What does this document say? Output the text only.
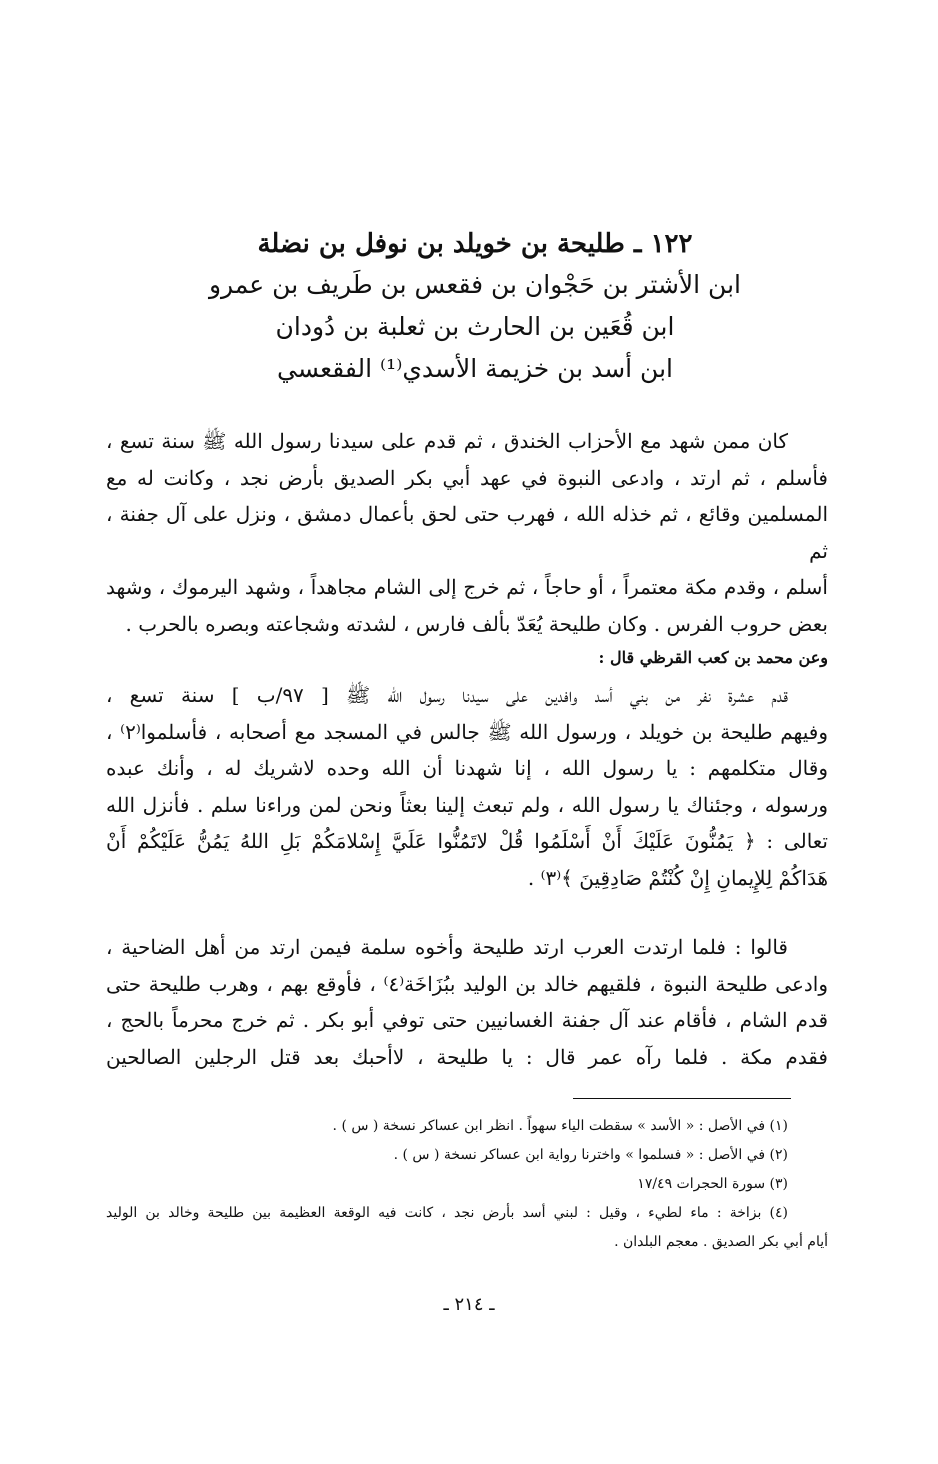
١٢٢ ـ طليحة بن خويلد بن نوفل بن نضلة
ابن الأشتر بن حَجْوان بن فقعس بن طَريف بن عمرو
ابن قُعَين بن الحارث بن ثعلبة بن دُودان
ابن أسد بن خزيمة الأسدي⁽¹⁾ الفقعسي

كان ممن شهد مع الأحزاب الخندق ، ثم قدم على سيدنا رسول الله ﷺ سنة تسع ،

فأسلم ، ثم ارتد ، وادعى النبوة في عهد أبي بكر الصديق بأرض نجد ، وكانت له مع

المسلمين وقائع ، ثم خذله الله ، فهرب حتى لحق بأعمال دمشق ، ونزل على آل جفنة ، ثم

أسلم ، وقدم مكة معتمراً ، أو حاجاً ، ثم خرج إلى الشام مجاهداً ، وشهد اليرموك ، وشهد

بعض حروب الفرس . وكان طليحة يُعَدّ بألف فارس ، لشدته وشجاعته وبصره بالحرب .

وعن محمد بن كعب القرظي قال :

قدم عشرة نفر من بني أسد وافدين على سيدنا رسول الله ﷺ [ ٩٧/ب ] سنة تسع ،

وفيهم طليحة بن خويلد ، ورسول الله ﷺ جالس في المسجد مع أصحابه ، فأسلموا⁽٢⁾ ،

وقال متكلمهم : يا رسول الله ، إنا شهدنا أن الله وحده لاشريك له ، وأنك عبده

ورسوله ، وجئناك يا رسول الله ، ولم تبعث إلينا بعثاً ونحن لمن وراءنا سلم . فأنزل الله

تعالى : ﴿ يَمُنُّونَ عَلَيْكَ أَنْ أَسْلَمُوا قُلْ لاتَمُنُّوا عَلَيَّ إِسْلامَكُمْ بَلِ اللهُ يَمُنُّ عَلَيْكُمْ أَنْ

هَدَاكُمْ لِلإِيمانِ إِنْ كُنْتُمْ صَادِقِينَ ﴾⁽٣⁾ .

قالوا : فلما ارتدت العرب ارتد طليحة وأخوه سلمة فيمن ارتد من أهل الضاحية ،

وادعى طليحة النبوة ، فلقيهم خالد بن الوليد ببُزَاخَة⁽٤⁾ ، فأوقع بهم ، وهرب طليحة حتى

قدم الشام ، فأقام عند آل جفنة الغسانيين حتى توفي أبو بكر . ثم خرج محرماً بالحج ،

فقدم مكة . فلما رآه عمر قال : يا طليحة ، لاأحبك بعد قتل الرجلين الصالحين

(١) في الأصل : « الأسد » سقطت الياء سهواً . انظر ابن عساكر نسخة ( س ) .

(٢) في الأصل : « فسلموا » واخترنا رواية ابن عساكر نسخة ( س ) .

(٣) سورة الحجرات ١٧/٤٩

(٤) بزاخة : ماء لطيء ، وقيل : لبني أسد بأرض نجد ، كانت فيه الوقعة العظيمة بين طليحة وخالد بن الوليد

أيام أبي بكر الصديق . معجم البلدان .

ـ ٢١٤ ـ
